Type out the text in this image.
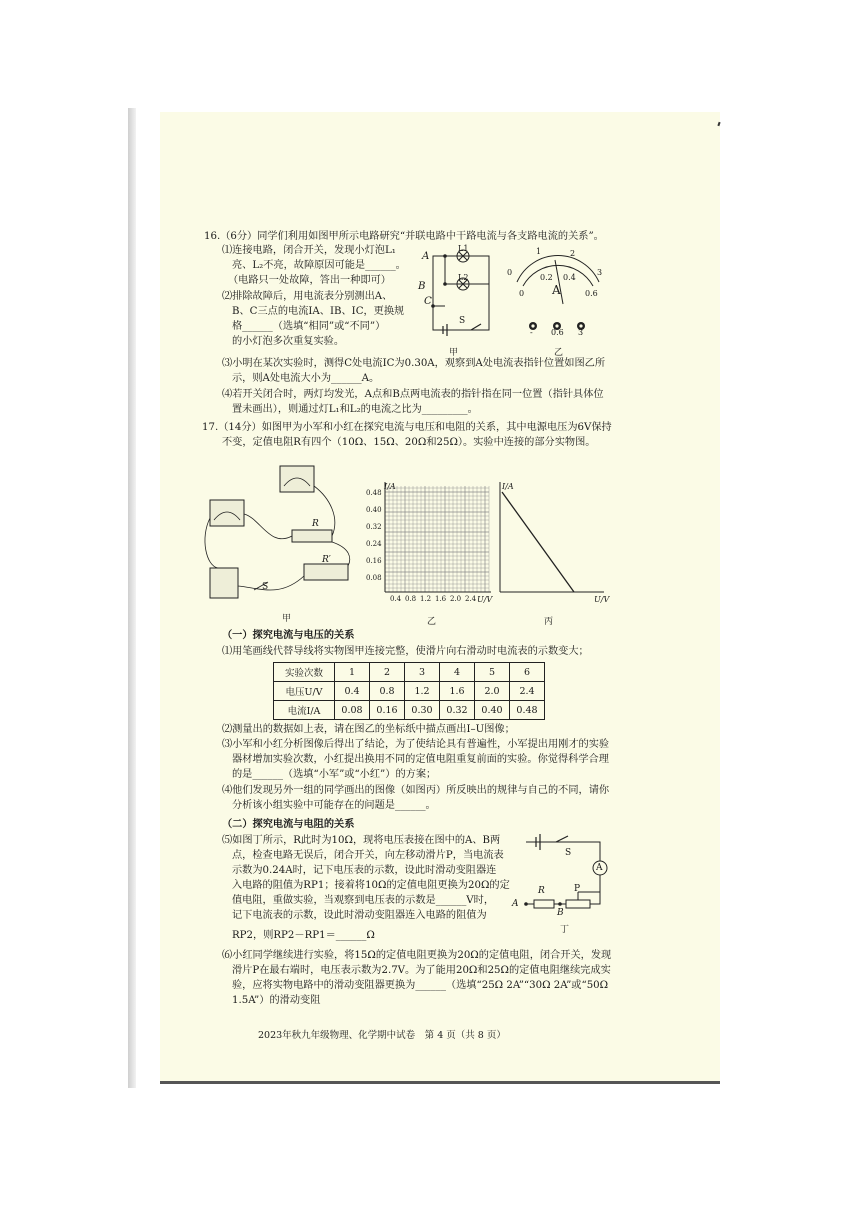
16.（6分）同学们利用如图甲所示电路研究“并联电路中干路电流与各支路电流的关系”。
⑴连接电路，闭合开关，发现小灯泡L₁
亮、L₂不亮，故障原因可能是______。
（电路只一处故障，答出一种即可）
⑵排除故障后，用电流表分别测出A、
B、C三点的电流IA、IB、IC，更换规
格______（选填“相同”或“不同”）
的小灯泡多次重复实验。
A
B
C
S
L1
L2
甲
0
1	2
3
0
0.2 0.4
0.6
A
- 0.6 3
乙
⑶小明在某次实验时，测得C处电流IC为0.30A，观察到A处电流表指针位置如图乙所
示，则A处电流大小为______A。
⑷若开关闭合时，两灯均发光，A点和B点两电流表的指针指在同一位置（指针具体位
置未画出），则通过灯L₁和L₂的电流之比为_________。
17.（14分）如图甲为小军和小红在探究电流与电压和电阻的关系，其中电源电压为6V保持
不变，定值电阻R有四个（10Ω、15Ω、20Ω和25Ω）。实验中连接的部分实物图。
R
R′
S
甲
I/A
0.48
0.40
0.32
0.24
0.16
0.08
0.4 0.8 1.2 1.6 2.0 2.4 U/V
乙
I/A
U/V
丙
（一）探究电流与电压的关系
⑴用笔画线代替导线将实物图甲连接完整，使滑片向右滑动时电流表的示数变大；
实验次数	1	2	3	4	5	6
电压U/V	0.4	0.8	1.2	1.6	2.0	2.4
电流I/A	0.08	0.16	0.30	0.32	0.40	0.48
⑵测量出的数据如上表，请在图乙的坐标纸中描点画出I–U图像；
⑶小军和小红分析图像后得出了结论，为了使结论具有普遍性，小军提出用刚才的实验
器材增加实验次数，小红提出换用不同的定值电阻重复前面的实验。你觉得科学合理
的是______（选填“小军”或“小红”）的方案；
⑷他们发现另外一组的同学画出的图像（如图丙）所反映出的规律与自己的不同，请你
分析该小组实验中可能存在的问题是______。
（二）探究电流与电阻的关系
⑸如图丁所示，R此时为10Ω，现将电压表接在图中的A、B两
点，检查电路无误后，闭合开关，向左移动滑片P，当电流表
示数为0.24A时，记下电压表的示数，设此时滑动变阻器连
入电路的阻值为RP1；接着将10Ω的定值电阻更换为20Ω的定
值电阻，重做实验，当观察到电压表的示数是______V时，
记下电流表的示数，设此时滑动变阻器连入电路的阻值为
RP2，则RP2－RP1＝______Ω
S
A
R	P
A
B
丁
⑹小红同学继续进行实验，将15Ω的定值电阻更换为20Ω的定值电阻，闭合开关，发现
滑片P在最右端时，电压表示数为2.7V。为了能用20Ω和25Ω的定值电阻继续完成实
验，应将实物电路中的滑动变阻器更换为______（选填“25Ω 2A”“30Ω 2A”或“50Ω
1.5A”）的滑动变阻
2023年秋九年级物理、化学期中试卷　第 4 页（共 8 页）
